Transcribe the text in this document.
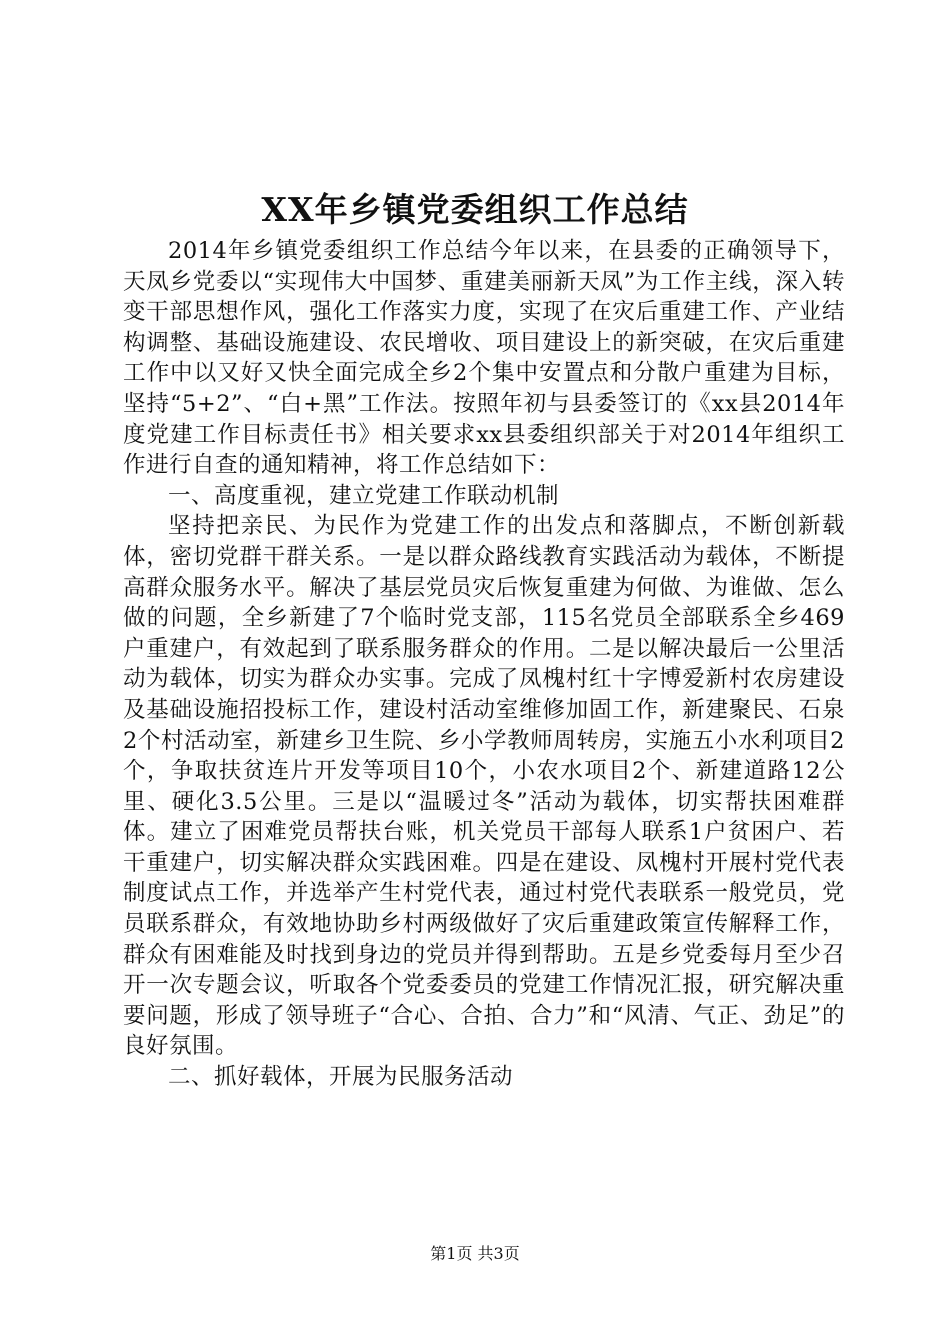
XX年乡镇党委组织工作总结

2014年乡镇党委组织工作总结今年以来，在县委的正确领导下，天凤乡党委以“实现伟大中国梦、重建美丽新天凤”为工作主线，深入转变干部思想作风，强化工作落实力度，实现了在灾后重建工作、产业结构调整、基础设施建设、农民增收、项目建设上的新突破，在灾后重建工作中以又好又快全面完成全乡2个集中安置点和分散户重建为目标，坚持“5+2”、“白+黑”工作法。按照年初与县委签订的《xx县2014年度党建工作目标责任书》相关要求xx县委组织部关于对2014年组织工作进行自查的通知精神，将工作总结如下：

一、高度重视，建立党建工作联动机制

坚持把亲民、为民作为党建工作的出发点和落脚点，不断创新载体，密切党群干群关系。一是以群众路线教育实践活动为载体，不断提高群众服务水平。解决了基层党员灾后恢复重建为何做、为谁做、怎么做的问题，全乡新建了7个临时党支部，115名党员全部联系全乡469户重建户，有效起到了联系服务群众的作用。二是以解决最后一公里活动为载体，切实为群众办实事。完成了凤槐村红十字博爱新村农房建设及基础设施招投标工作，建设村活动室维修加固工作，新建聚民、石泉2个村活动室，新建乡卫生院、乡小学教师周转房，实施五小水利项目2个，争取扶贫连片开发等项目10个，小农水项目2个、新建道路12公里、硬化3.5公里。三是以“温暖过冬”活动为载体，切实帮扶困难群体。建立了困难党员帮扶台账，机关党员干部每人联系1户贫困户、若干重建户，切实解决群众实践困难。四是在建设、凤槐村开展村党代表制度试点工作，并选举产生村党代表，通过村党代表联系一般党员，党员联系群众，有效地协助乡村两级做好了灾后重建政策宣传解释工作，群众有困难能及时找到身边的党员并得到帮助。五是乡党委每月至少召开一次专题会议，听取各个党委委员的党建工作情况汇报，研究解决重要问题，形成了领导班子“合心、合拍、合力”和“风清、气正、劲足”的良好氛围。

二、抓好载体，开展为民服务活动

第1页 共3页
